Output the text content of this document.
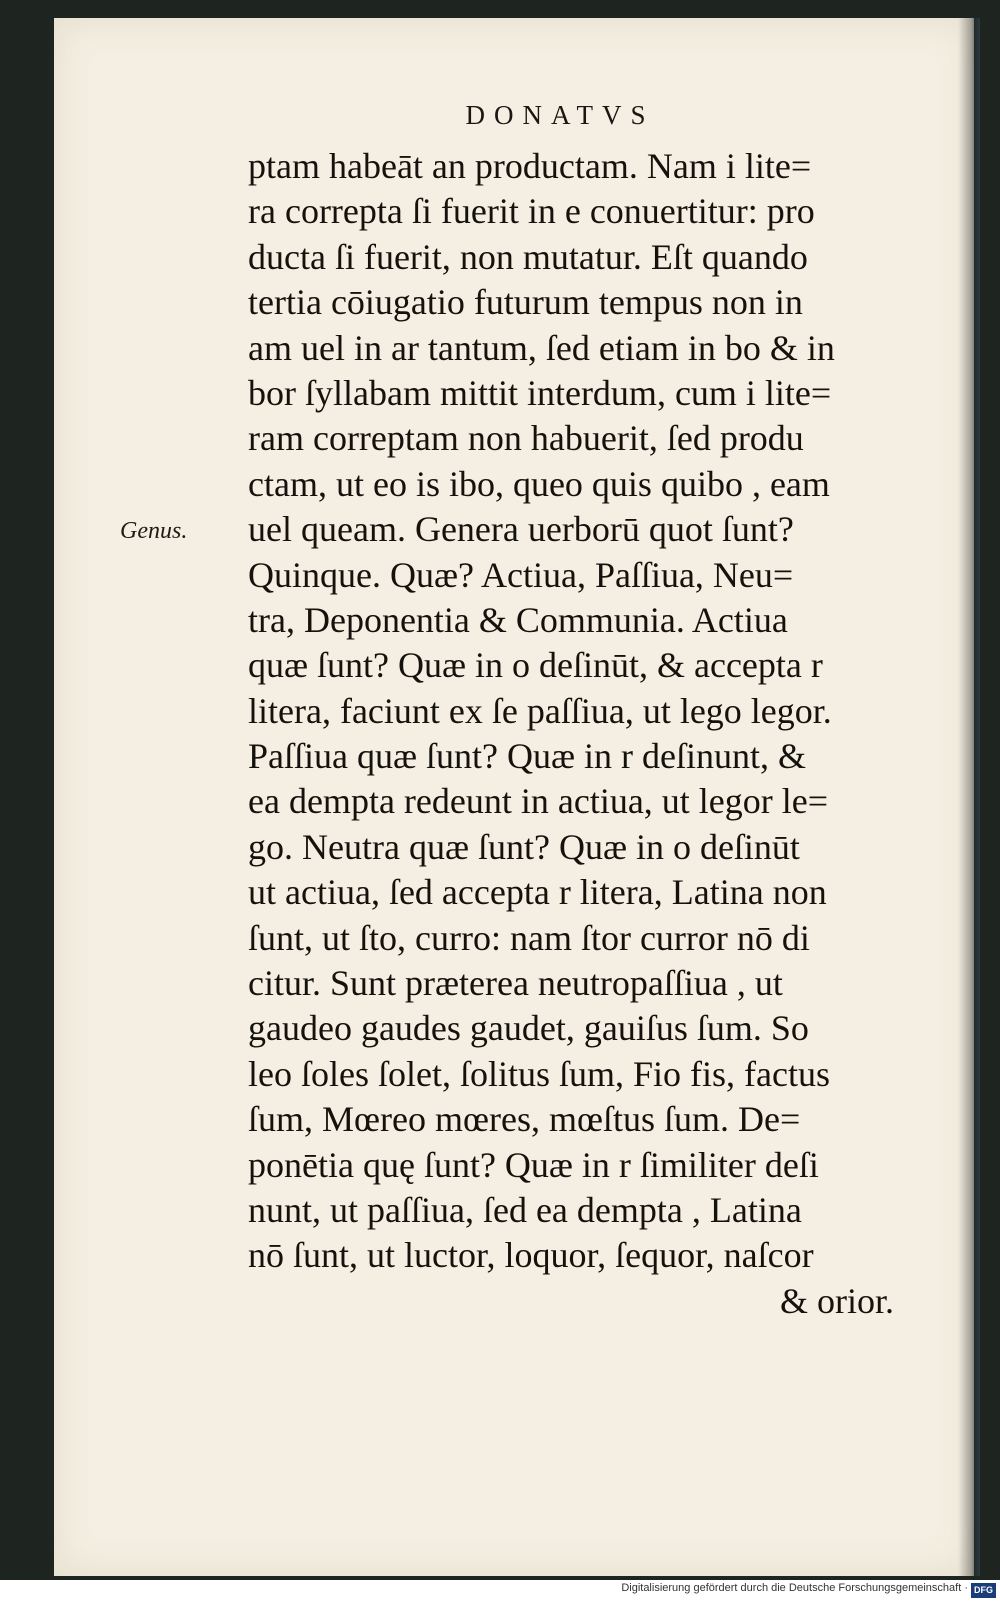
DONATVS
Genus.
ptam habeāt an productam. Nam i lite=
ra correpta ſi fuerit in e conuertitur: pro
ducta ſi fuerit, non mutatur. Eſt quando
tertia cōiugatio futurum tempus non in
am uel in ar tantum, ſed etiam in bo & in
bor ſyllabam mittit interdum, cum i lite=
ram correptam non habuerit, ſed produ
ctam, ut eo is ibo, queo quis quibo , eam
uel queam. Genera uerborū quot ſunt?
Quinque. Quæ? Actiua, Paſſiua, Neu=
tra, Deponentia & Communia. Actiua
quæ ſunt? Quæ in o deſinūt, & accepta r
litera, faciunt ex ſe paſſiua, ut lego legor.
Paſſiua quæ ſunt? Quæ in r deſinunt, &
ea dempta redeunt in actiua, ut legor le=
go. Neutra quæ ſunt? Quæ in o deſinūt
ut actiua, ſed accepta r litera, Latina non
ſunt, ut ſto, curro: nam ſtor curror nō di
citur. Sunt præterea neutropaſſiua , ut
gaudeo gaudes gaudet, gauiſus ſum. So
leo ſoles ſolet, ſolitus ſum, Fio fis, factus
ſum, Mœreo mœres, mœſtus ſum. De=
ponētia quę ſunt? Quæ in r ſimiliter deſi
nunt, ut paſſiua, ſed ea dempta , Latina
nō ſunt, ut luctor, loquor, ſequor, naſcor
& orior.
Digitalisierung gefördert durch die Deutsche Forschungsgemeinschaft · DFG
